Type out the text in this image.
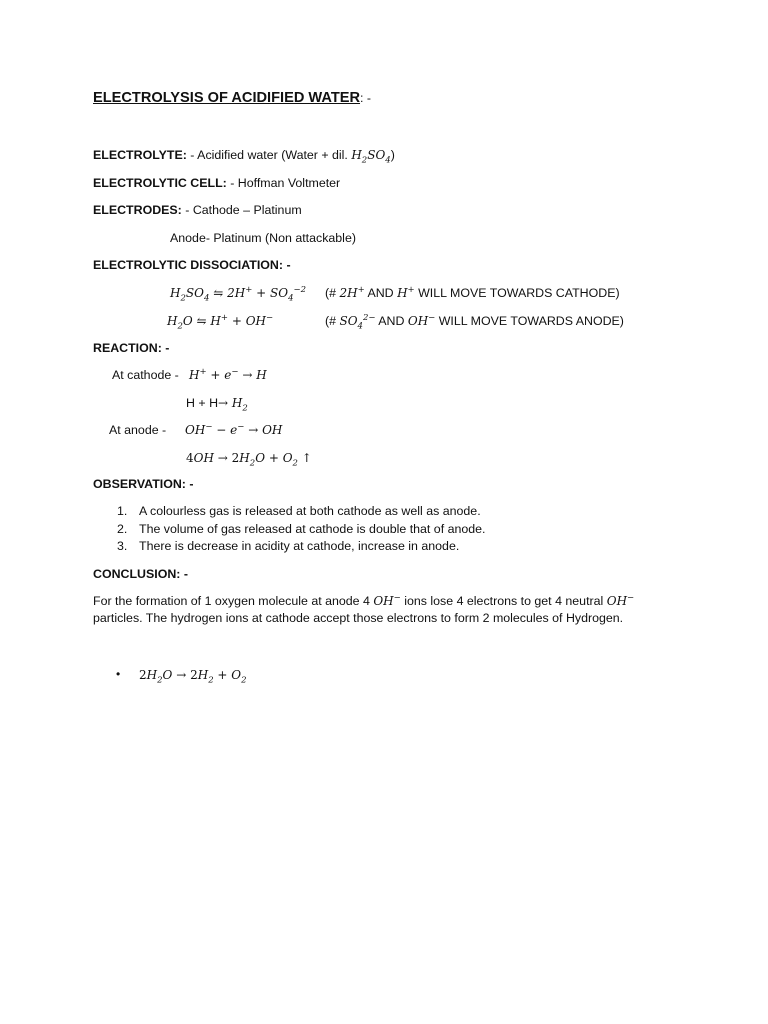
ELECTROLYSIS OF ACIDIFIED WATER: -
ELECTROLYTE: - Acidified water (Water + dil. $H_2SO_4$)
ELECTROLYTIC CELL: - Hoffman Voltmeter
ELECTRODES: - Cathode – Platinum
Anode- Platinum (Non attackable)
ELECTROLYTIC DISSOCIATION: -
$H_2SO_4$ ⇋ $2H^+ + SO_4^{-2}$ (# 2H+ AND H+ WILL MOVE TOWARDS CATHODE)
$H_2O$ ⇋ H+ + OH−	(# $SO_4^{2-}$ AND OH− WILL MOVE TOWARDS ANODE)
REACTION: -
At cathode - H+ + e− → H
$H + H\to H_2$
At anode - OH− − e− → OH
$4OH \to 2H_2O + O_2$ ↑
OBSERVATION: -
1. A colourless gas is released at both cathode as well as anode.
2. The volume of gas released at cathode is double that of anode.
3. There is decrease in acidity at cathode, increase in anode.
CONCLUSION: -
For the formation of 1 oxygen molecule at anode 4 OH− ions lose 4 electrons to get 4 neutral OH−
particles. The hydrogen ions at cathode accept those electrons to form 2 molecules of Hydrogen.
• $2H_2O \to 2H_2 + O_2$
